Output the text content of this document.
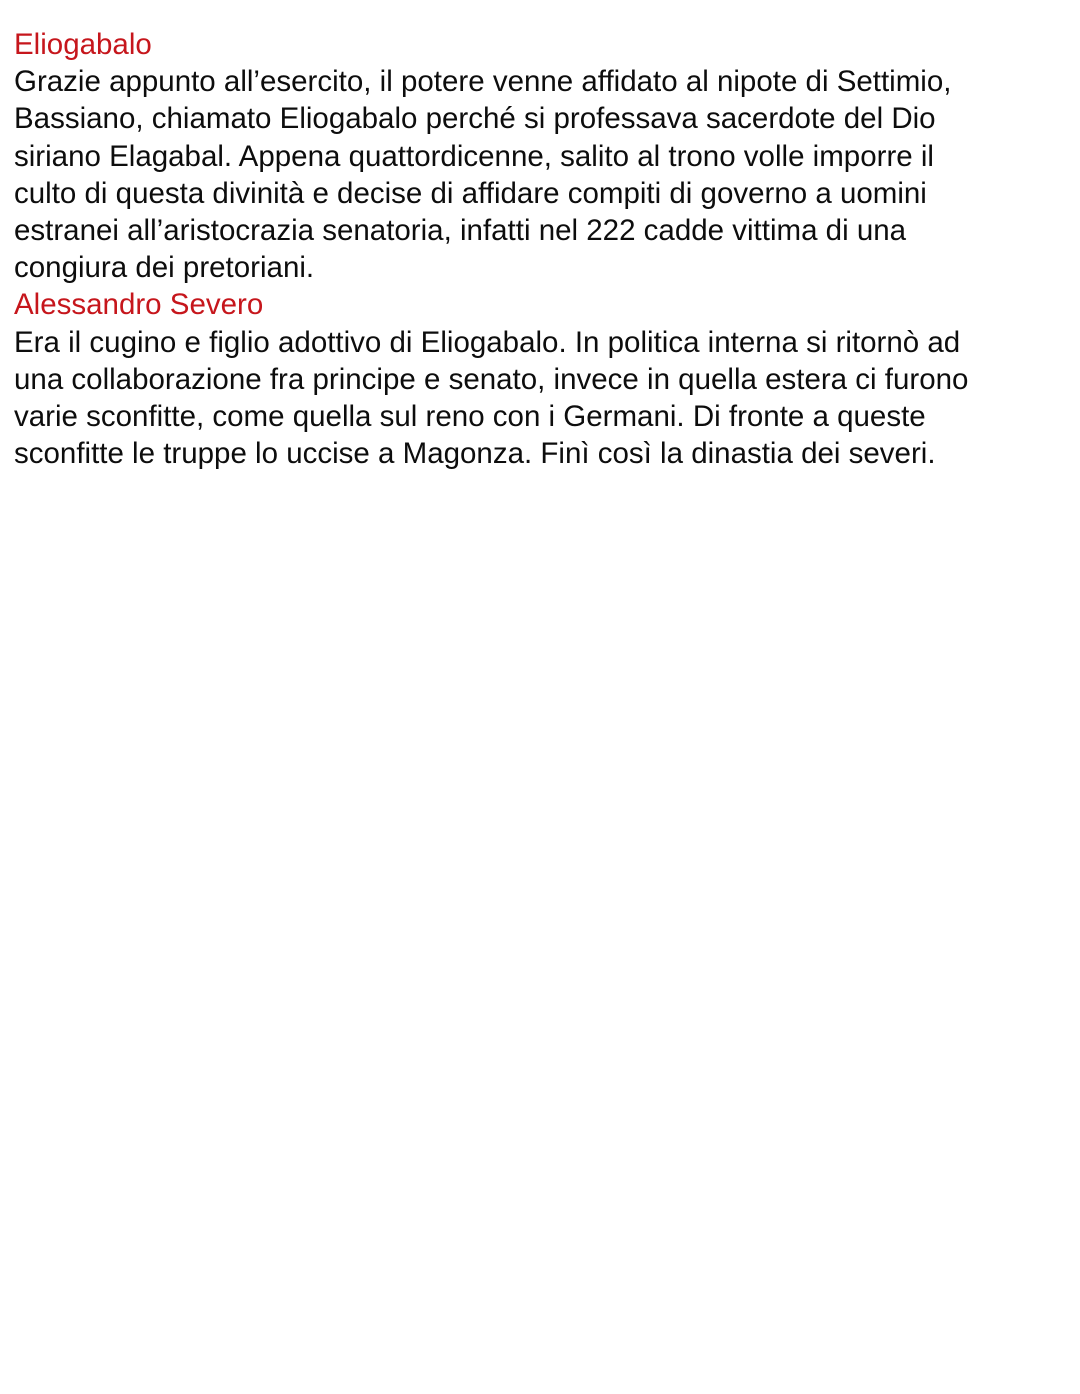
Eliogabalo

Grazie appunto all’esercito, il potere venne affidato al nipote di Settimio,
Bassiano, chiamato Eliogabalo perché si professava sacerdote del Dio
siriano Elagabal. Appena quattordicenne, salito al trono volle imporre il
culto di questa divinità e decise di affidare compiti di governo a uomini
estranei all’aristocrazia senatoria, infatti nel 222 cadde vittima di una
congiura dei pretoriani.

Alessandro Severo

Era il cugino e figlio adottivo di Eliogabalo. In politica interna si ritornò ad
una collaborazione fra principe e senato, invece in quella estera ci furono
varie sconfitte, come quella sul reno con i Germani. Di fronte a queste
sconfitte le truppe lo uccise a Magonza. Finì così la dinastia dei severi.
